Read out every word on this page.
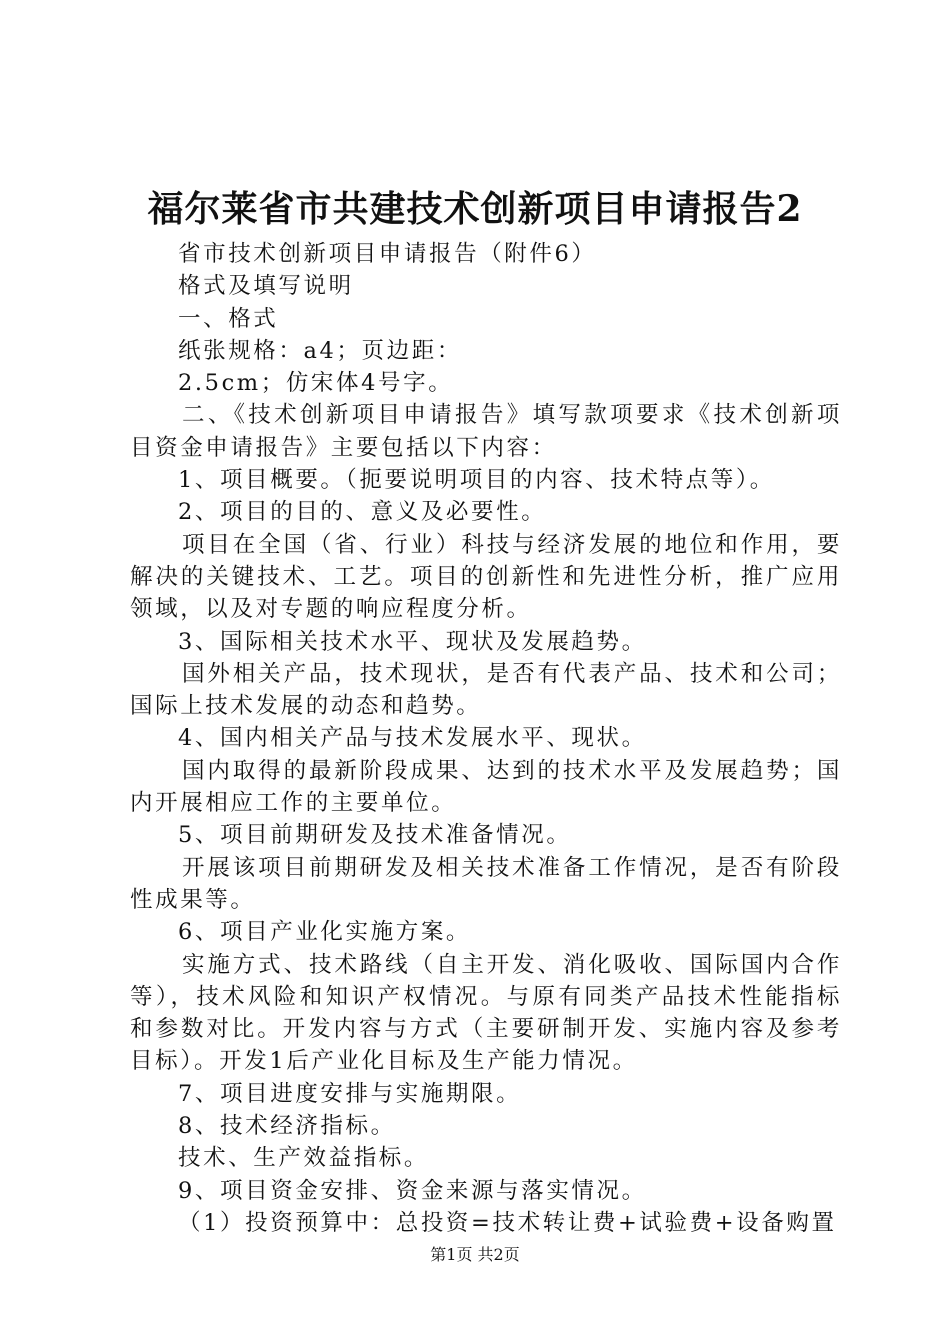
福尔莱省市共建技术创新项目申请报告2

省市技术创新项目申请报告（附件6）

格式及填写说明

一、格式

纸张规格：a4；页边距：

2.5cm；仿宋体4号字。

二、《技术创新项目申请报告》填写款项要求《技术创新项目资金申请报告》主要包括以下内容：

1、项目概要。（扼要说明项目的内容、技术特点等）。

2、项目的目的、意义及必要性。

项目在全国（省、行业）科技与经济发展的地位和作用，要解决的关键技术、工艺。项目的创新性和先进性分析，推广应用领域，以及对专题的响应程度分析。

3、国际相关技术水平、现状及发展趋势。

国外相关产品，技术现状，是否有代表产品、技术和公司；国际上技术发展的动态和趋势。

4、国内相关产品与技术发展水平、现状。

国内取得的最新阶段成果、达到的技术水平及发展趋势；国内开展相应工作的主要单位。

5、项目前期研发及技术准备情况。

开展该项目前期研发及相关技术准备工作情况，是否有阶段性成果等。

6、项目产业化实施方案。

实施方式、技术路线（自主开发、消化吸收、国际国内合作等），技术风险和知识产权情况。与原有同类产品技术性能指标和参数对比。开发内容与方式（主要研制开发、实施内容及参考目标）。开发1后产业化目标及生产能力情况。

7、项目进度安排与实施期限。

8、技术经济指标。

技术、生产效益指标。

9、项目资金安排、资金来源与落实情况。

（1）投资预算中：总投资=技术转让费+试验费+设备购置

第1页 共2页
